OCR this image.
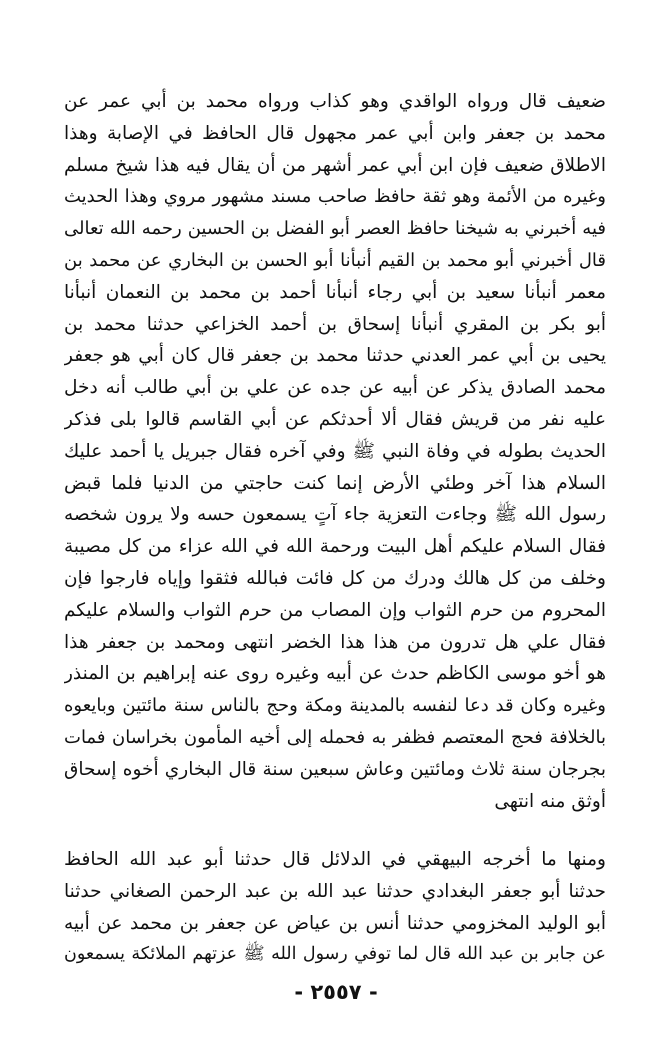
ضعيف قال ورواه الواقدي وهو كذاب ورواه محمد بن أبي عمر عن
محمد بن جعفر وابن أبي عمر مجهول قال الحافظ في الإصابة وهذا
الاطلاق ضعيف فإن ابن أبي عمر أشهر من أن يقال فيه هذا شيخ مسلم
وغيره من الأئمة وهو ثقة حافظ صاحب مسند مشهور مروي وهذا الحديث
فيه أخبرني به شيخنا حافظ العصر أبو الفضل بن الحسين رحمه الله تعالى
قال أخبرني أبو محمد بن القيم أنبأنا أبو الحسن بن البخاري عن محمد بن
معمر أنبأنا سعيد بن أبي رجاء أنبأنا أحمد بن محمد بن النعمان أنبأنا
أبو بكر بن المقري أنبأنا إسحاق بن أحمد الخزاعي حدثنا محمد بن
يحيى بن أبي عمر العدني حدثنا محمد بن جعفر قال كان أبي هو جعفر
محمد الصادق يذكر عن أبيه عن جده عن علي بن أبي طالب أنه دخل
عليه نفر من قريش فقال ألا أحدثكم عن أبي القاسم قالوا بلى فذكر
الحديث بطوله في وفاة النبي ﷺ وفي آخره فقال جبريل يا أحمد عليك
السلام هذا آخر وطئي الأرض إنما كنت حاجتي من الدنيا فلما قبض
رسول الله ﷺ وجاءت التعزية جاء آتٍ يسمعون حسه ولا يرون شخصه
فقال السلام عليكم أهل البيت ورحمة الله في الله عزاء من كل مصيبة
وخلف من كل هالك ودرك من كل فائت فبالله فثقوا وإياه فارجوا فإن
المحروم من حرم الثواب وإن المصاب من حرم الثواب والسلام عليكم
فقال علي هل تدرون من هذا هذا الخضر انتهى ومحمد بن جعفر هذا
هو أخو موسى الكاظم حدث عن أبيه وغيره روى عنه إبراهيم بن المنذر
وغيره وكان قد دعا لنفسه بالمدينة ومكة وحج بالناس سنة مائتين وبايعوه
بالخلافة فحج المعتصم فظفر به فحمله إلى أخيه المأمون بخراسان فمات
بجرجان سنة ثلاث ومائتين وعاش سبعين سنة قال البخاري أخوه إسحاق
أوثق منه انتهى
ومنها ما أخرجه البيهقي في الدلائل قال حدثنا أبو عبد الله الحافظ
حدثنا أبو جعفر البغدادي حدثنا عبد الله بن عبد الرحمن الصغاني حدثنا
أبو الوليد المخزومي حدثنا أنس بن عياض عن جعفر بن محمد عن أبيه
عن جابر بن عبد الله قال لما توفي رسول الله ﷺ عزتهم الملائكة يسمعون
- ٢٥٥٧ -
